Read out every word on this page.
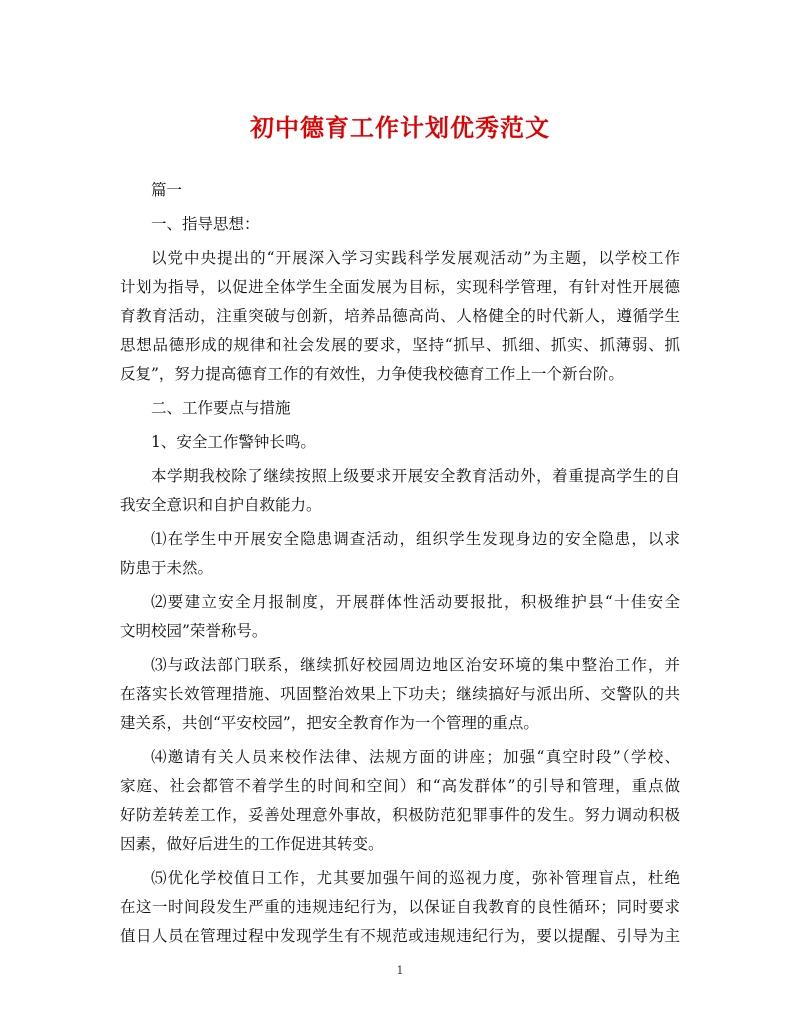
初中德育工作计划优秀范文
篇一
一、指导思想：
以党中央提出的“开展深入学习实践科学发展观活动”为主题，以学校工作
计划为指导，以促进全体学生全面发展为目标，实现科学管理，有针对性开展德
育教育活动，注重突破与创新，培养品德高尚、人格健全的时代新人，遵循学生
思想品德形成的规律和社会发展的要求，坚持“抓早、抓细、抓实、抓薄弱、抓
反复”，努力提高德育工作的有效性，力争使我校德育工作上一个新台阶。
二、工作要点与措施
1、安全工作警钟长鸣。
本学期我校除了继续按照上级要求开展安全教育活动外，着重提高学生的自
我安全意识和自护自救能力。
⑴在学生中开展安全隐患调查活动，组织学生发现身边的安全隐患，以求
防患于未然。
⑵要建立安全月报制度，开展群体性活动要报批，积极维护县“十佳安全
文明校园”荣誉称号。
⑶与政法部门联系，继续抓好校园周边地区治安环境的集中整治工作，并
在落实长效管理措施、巩固整治效果上下功夫；继续搞好与派出所、交警队的共
建关系，共创“平安校园”，把安全教育作为一个管理的重点。
⑷邀请有关人员来校作法律、法规方面的讲座；加强“真空时段”（学校、
家庭、社会都管不着学生的时间和空间）和“高发群体”的引导和管理，重点做
好防差转差工作，妥善处理意外事故，积极防范犯罪事件的发生。努力调动积极
因素，做好后进生的工作促进其转变。
⑸优化学校值日工作，尤其要加强午间的巡视力度，弥补管理盲点，杜绝
在这一时间段发生严重的违规违纪行为，以保证自我教育的良性循环；同时要求
值日人员在管理过程中发现学生有不规范或违规违纪行为，要以提醒、引导为主
1
